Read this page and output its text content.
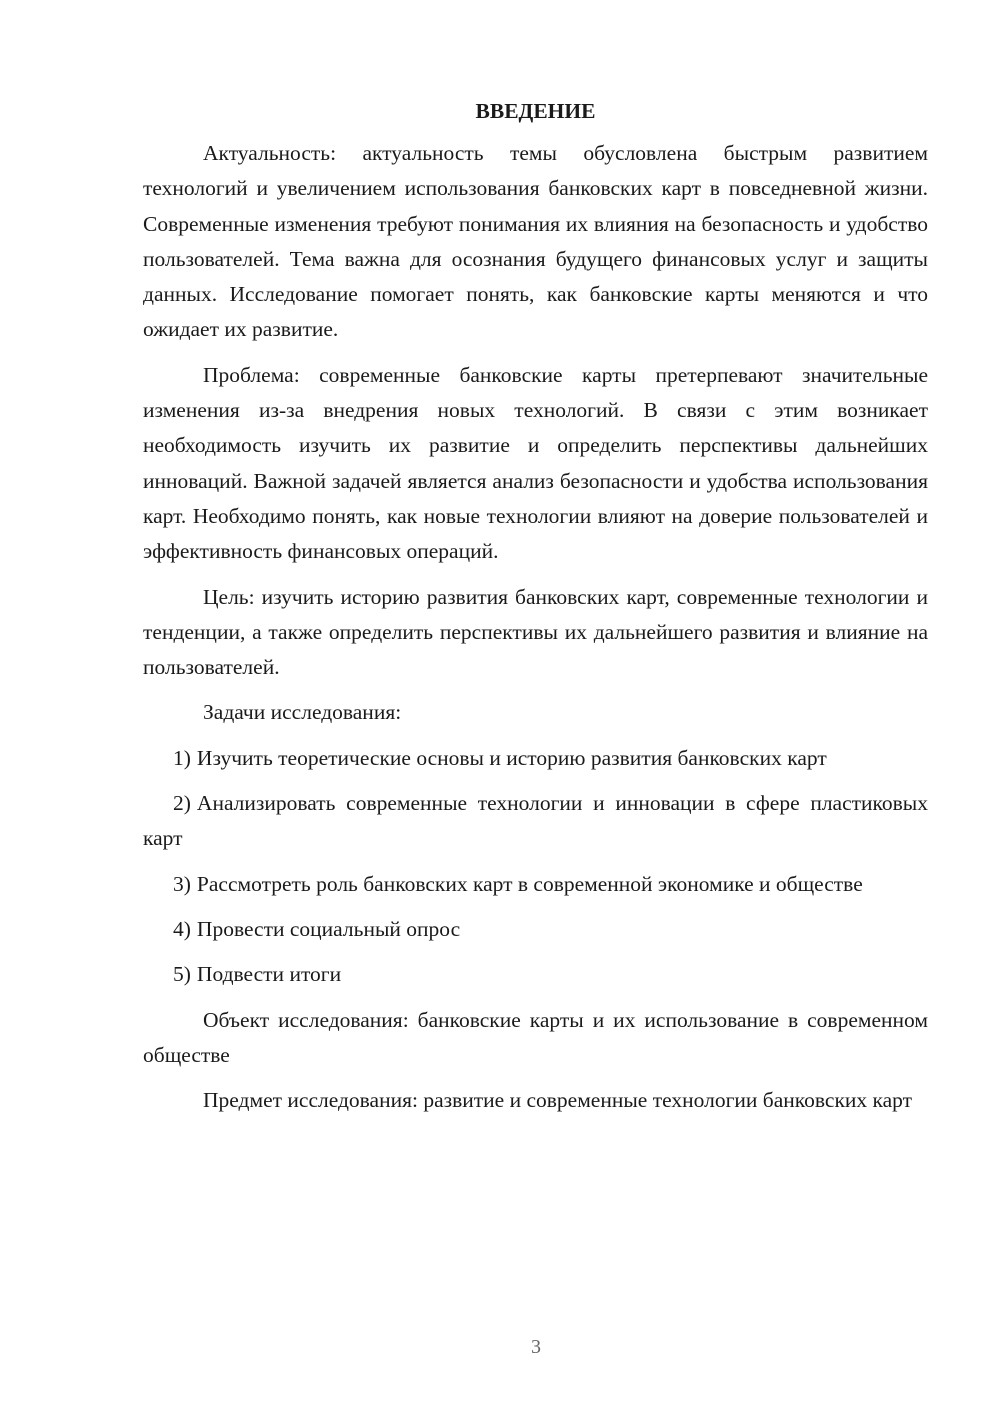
ВВЕДЕНИЕ

Актуальность: актуальность темы обусловлена быстрым развитием технологий и увеличением использования банковских карт в повседневной жизни. Современные изменения требуют понимания их влияния на безопасность и удобство пользователей. Тема важна для осознания будущего финансовых услуг и защиты данных. Исследование помогает понять, как банковские карты меняются и что ожидает их развитие.

Проблема: современные банковские карты претерпевают значительные изменения из-за внедрения новых технологий. В связи с этим возникает необходимость изучить их развитие и определить перспективы дальнейших инноваций. Важной задачей является анализ безопасности и удобства использования карт. Необходимо понять, как новые технологии влияют на доверие пользователей и эффективность финансовых операций.

Цель: изучить историю развития банковских карт, современные технологии и тенденции, а также определить перспективы их дальнейшего развития и влияние на пользователей.

Задачи исследования:

1) Изучить теоретические основы и историю развития банковских карт

2) Анализировать современные технологии и инновации в сфере пластиковых карт

3) Рассмотреть роль банковских карт в современной экономике и обществе

4) Провести социальный опрос

5) Подвести итоги

Объект исследования: банковские карты и их использование в современном обществе

Предмет исследования: развитие и современные технологии банковских карт

3
